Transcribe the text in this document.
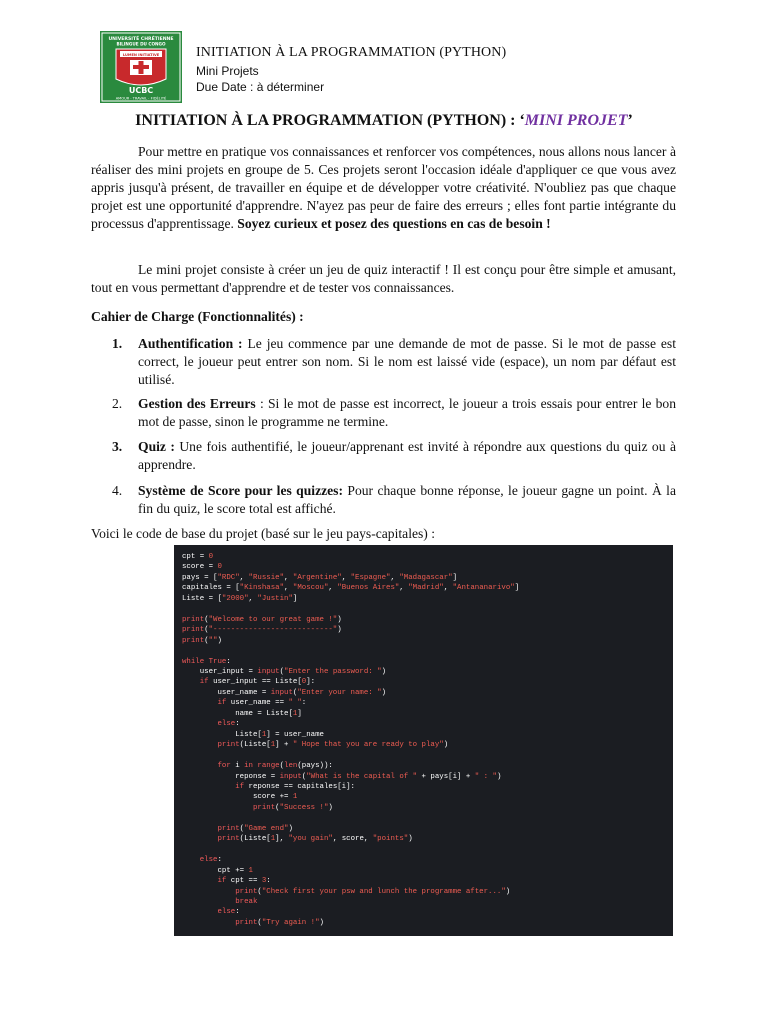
UNIVERSITÉ CHRÉTIENNE
BILINGUE DU CONGO
LUMEN INITIATIVE
UCBC
AMOUR · TRAVAIL · FIDÉLITÉ
INITIATION À LA PROGRAMMATION (PYTHON)
Mini Projets
Due Date : à déterminer
INITIATION À LA PROGRAMMATION (PYTHON) : ‘MINI PROJET’

Pour mettre en pratique vos connaissances et renforcer vos compétences, nous allons nous lancer à réaliser des mini projets en groupe de 5. Ces projets seront l'occasion idéale d'appliquer ce que vous avez appris jusqu'à présent, de travailler en équipe et de développer votre créativité. N'oubliez pas que chaque projet est une opportunité d'apprendre. N'ayez pas peur de faire des erreurs ; elles font partie intégrante du processus d'apprentissage. Soyez curieux et posez des questions en cas de besoin !

Le mini projet consiste à créer un jeu de quiz interactif ! Il est conçu pour être simple et amusant, tout en vous permettant d'apprendre et de tester vos connaissances.

Cahier de Charge (Fonctionnalités) :

1. Authentification : Le jeu commence par une demande de mot de passe. Si le mot de passe est correct, le joueur peut entrer son nom. Si le nom est laissé vide (espace), un nom par défaut est utilisé.
2. Gestion des Erreurs : Si le mot de passe est incorrect, le joueur a trois essais pour entrer le bon mot de passe, sinon le programme ne termine.
3. Quiz : Une fois authentifié, le joueur/apprenant est invité à répondre aux questions du quiz ou à apprendre.
4. Système de Score pour les quizzes: Pour chaque bonne réponse, le joueur gagne un point. À la fin du quiz, le score total est affiché.

Voici le code de base du projet (basé sur le jeu pays-capitales) :

cpt = 0
score = 0
pays = ["RDC", "Russie", "Argentine", "Espagne", "Madagascar"]
capitales = ["Kinshasa", "Moscou", "Buenos Aires", "Madrid", "Antananarivo"]
Liste = ["2000", "Justin"]

print("Welcome to our great game !")
print("---------------------------")
print("")

while True:
user_input = input("Enter the password: ")
if user_input == Liste[0]:
user_name = input("Enter your name: ")
if user_name == " ":
name = Liste[1]
else:
Liste[1] = user_name
print(Liste[1] + " Hope that you are ready to play")

for i in range(len(pays)):
reponse = input("What is the capital of " + pays[i] + " : ")
if reponse == capitales[i]:
score += 1
print("Success !")

print("Game end")
print(Liste[1], "you gain", score, "points")

else:
cpt += 1
if cpt == 3:
print("Check first your psw and lunch the programme after...")
break
else:
print("Try again !")
